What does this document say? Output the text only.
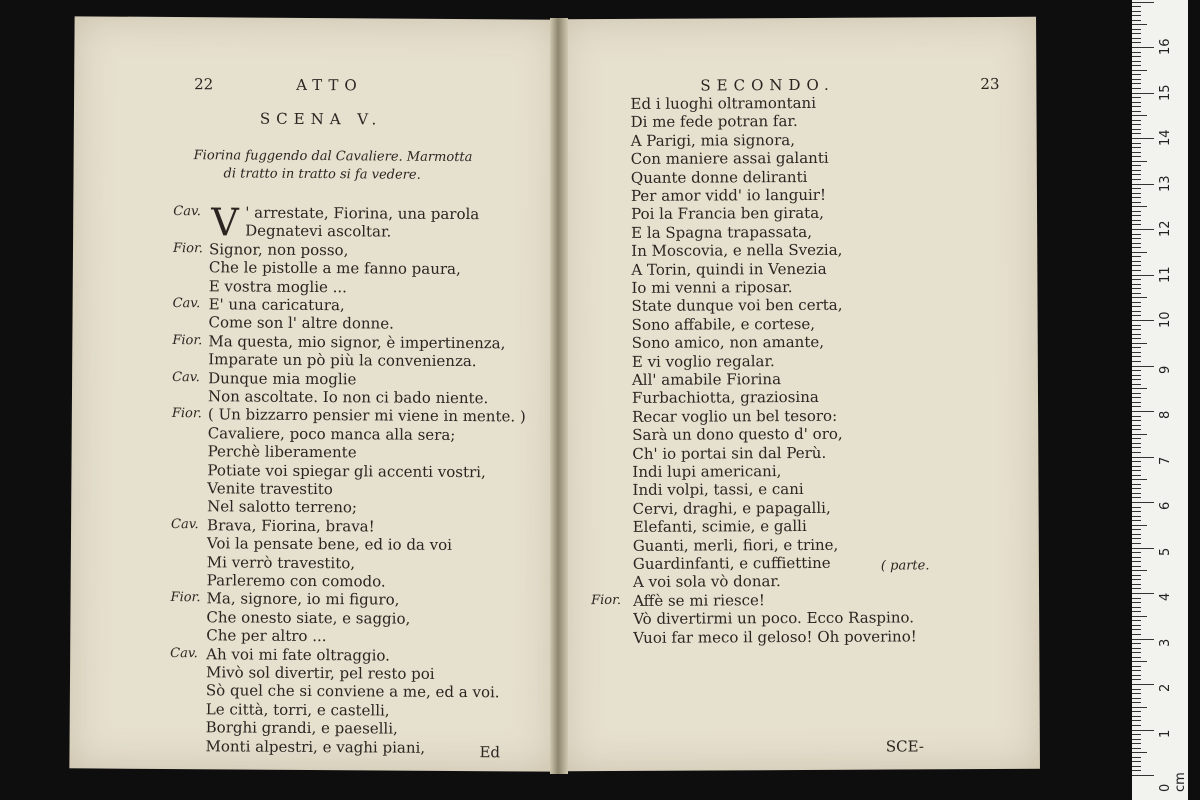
22	ATTO
SCENA V.
Fiorina fuggendo dal Cavaliere. Marmotta
di tratto in tratto si fa vedere.
V
Cav.	' arrestate, Fiorina, una parola
Degnatevi ascoltar.
Fior. Signor, non posso,
Che le pistolle a me fanno paura,
E vostra moglie ...
Cav. E' una caricatura,
Come son l' altre donne.
Fior. Ma questa, mio signor, è impertinenza,
Imparate un pò più la convenienza.
Cav. Dunque mia moglie
Non ascoltate. Io non ci bado niente.
Fior. ( Un bizzarro pensier mi viene in mente. )
Cavaliere, poco manca alla sera;
Perchè liberamente
Potiate voi spiegar gli accenti vostri,
Venite travestito
Nel salotto terreno;
Cav. Brava, Fiorina, brava!
Voi la pensate bene, ed io da voi
Mi verrò travestito,
Parleremo con comodo.
Fior. Ma, signore, io mi figuro,
Che onesto siate, e saggio,
Che per altro ...
Cav. Ah voi mi fate oltraggio.
Mivò sol divertir, pel resto poi
Sò quel che si conviene a me, ed a voi.
Le città, torri, e castelli,
Borghi grandi, e paeselli,
Monti alpestri, e vaghi piani,	Ed
SECONDO.	23
( parte.
SCE-
Ed i luoghi oltramontani
Di me fede potran far.
A Parigi, mia signora,
Con maniere assai galanti
Quante donne deliranti
Per amor vidd' io languir!
Poi la Francia ben girata,
E la Spagna trapassata,
In Moscovia, e nella Svezia,
A Torin, quindi in Venezia
Io mi venni a riposar.
State dunque voi ben certa,
Sono affabile, e cortese,
Sono amico, non amante,
E vi voglio regalar.
All' amabile Fiorina
Furbachiotta, graziosina
Recar voglio un bel tesoro:
Sarà un dono questo d' oro,
Ch' io portai sin dal Perù.
Indi lupi americani,
Indi volpi, tassi, e cani
Cervi, draghi, e papagalli,
Elefanti, scimie, e galli
Guanti, merli, fiori, e trine,
Guardinfanti, e cuffiettine
A voi sola vò donar.
Fior. Affè se mi riesce!
Vò divertirmi un poco. Ecco Raspino.
Vuoi far meco il geloso! Oh poverino!
0 cm
1
2
3
4
5
6
7
8
9
10
11
12
13
14
15
16
